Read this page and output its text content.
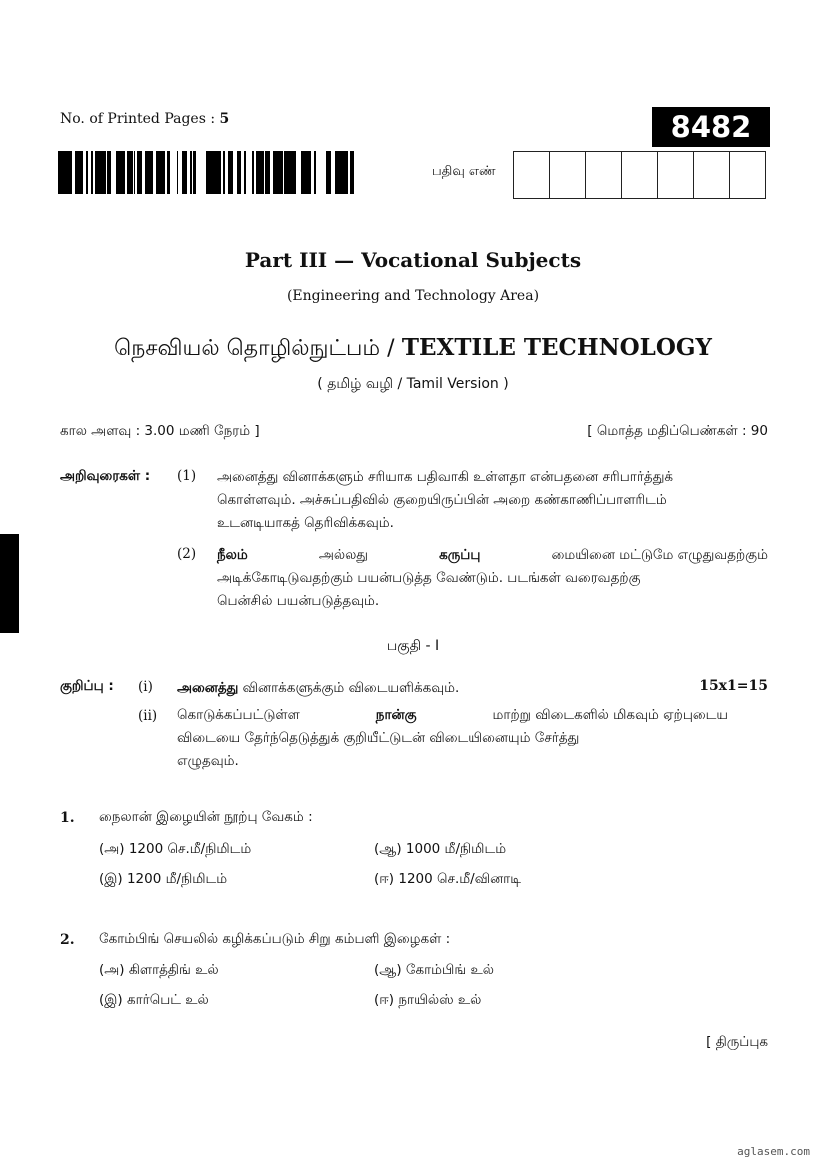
No. of Printed Pages : 5	8482
பதிவு எண்
Part III — Vocational Subjects
(Engineering and Technology Area)
நெசவியல் தொழில்நுட்பம் / TEXTILE TECHNOLOGY
( தமிழ் வழி / Tamil Version )
கால அளவு : 3.00 மணி நேரம் ]	[ மொத்த மதிப்பெண்கள் : 90
அறிவுரைகள் : (1) அனைத்து வினாக்களும் சரியாக பதிவாகி உள்ளதா என்பதனை சரிபார்த்துக்
கொள்ளவும். அச்சுப்பதிவில் குறையிருப்பின் அறை கண்காணிப்பாளரிடம்
உடனடியாகத் தெரிவிக்கவும்.
(2) நீலம்	அல்லது	கருப்பு	மையினை மட்டுமே எழுதுவதற்கும்
அடிக்கோடிடுவதற்கும் பயன்படுத்த வேண்டும். படங்கள் வரைவதற்கு
பென்சில் பயன்படுத்தவும்.
பகுதி - I
குறிப்பு : (i) அனைத்து வினாக்களுக்கும் விடையளிக்கவும்.	15x1=15
(ii) கொடுக்கப்பட்டுள்ள	நான்கு	மாற்று விடைகளில் மிகவும் ஏற்புடைய
விடையை தேர்ந்தெடுத்துக் குறியீட்டுடன் விடையினையும் சேர்த்து
எழுதவும்.
1. நைலான் இழையின் நூற்பு வேகம் :
(அ) 1200 செ.மீ/நிமிடம்	(ஆ) 1000 மீ/நிமிடம்
(இ) 1200 மீ/நிமிடம்	(ஈ) 1200 செ.மீ/வினாடி
2. கோம்பிங் செயலில் கழிக்கப்படும் சிறு கம்பளி இழைகள் :
(அ) கிளாத்திங் உல்	(ஆ) கோம்பிங் உல்
(இ) கார்பெட் உல்	(ஈ) நாயில்ஸ் உல்
[ திருப்புக
aglasem.com
